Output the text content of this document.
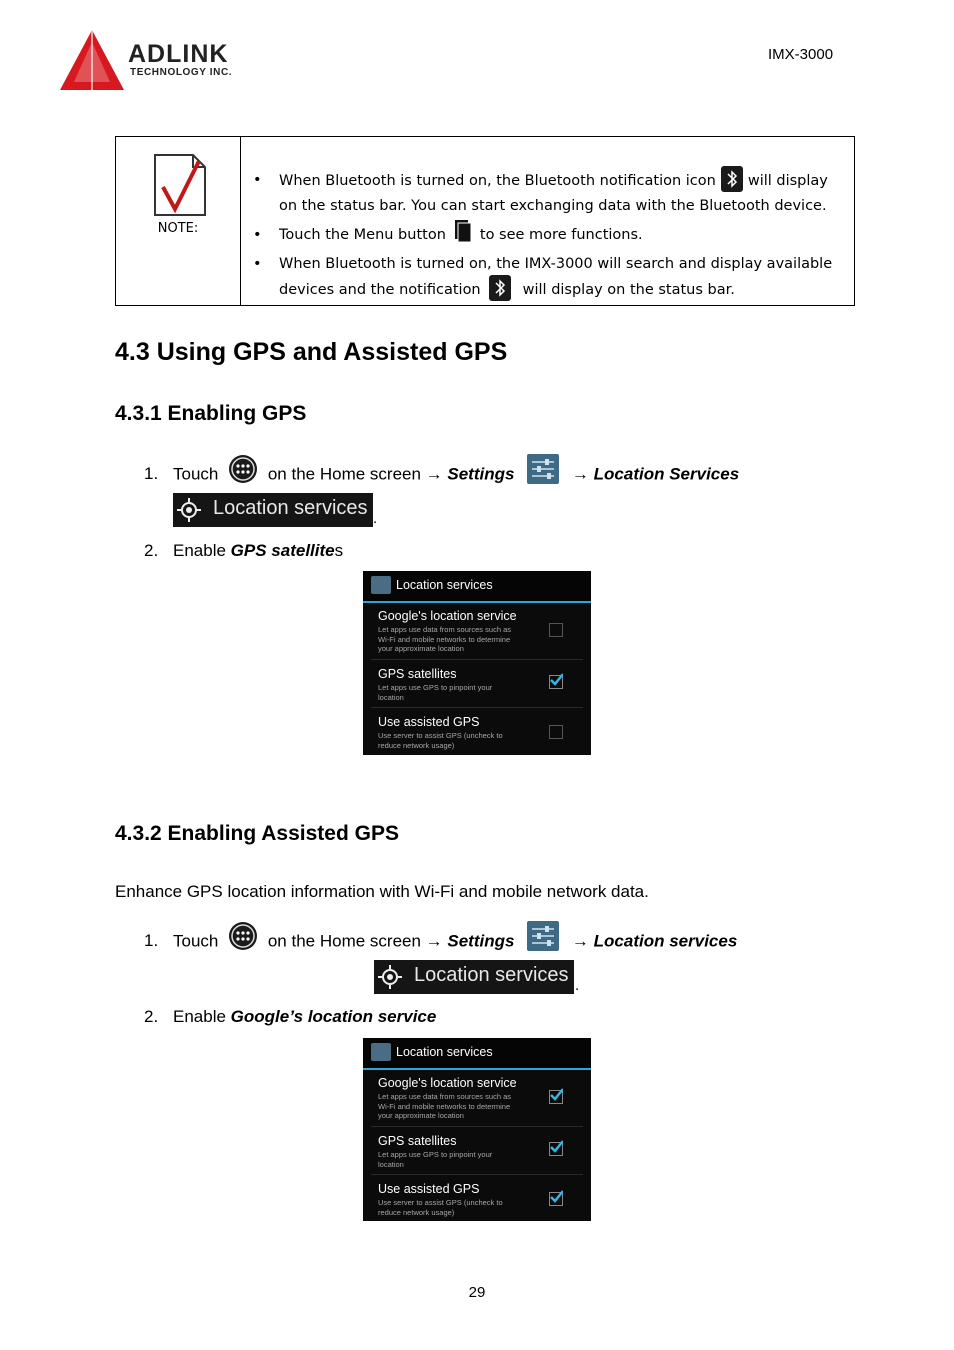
ADLINK
TECHNOLOGY INC.
IMX-3000
NOTE:
• When Bluetooth is turned on, the Bluetooth notification icon will display
on the status bar. You can start exchanging data with the Bluetooth device.
• Touch the Menu button to see more functions.
• When Bluetooth is turned on, the IMX-3000 will search and display available
devices and the notification	will display on the status bar.
4.3 Using GPS and Assisted GPS
4.3.1 Enabling GPS
1. Touch	on the Home screen → Settings	→ Location Services
Location services .
2. Enable GPS satellites
Location services
Google's location service
Let apps use data from sources such as
Wi-Fi and mobile networks to determine
your approximate location
GPS satellites
Let apps use GPS to pinpoint your
location
Use assisted GPS
Use server to assist GPS (uncheck to
reduce network usage)
4.3.2 Enabling Assisted GPS
Enhance GPS location information with Wi-Fi and mobile network data.
1. Touch	on the Home screen → Settings	→ Location services
Location services .
2. Enable Google’s location service
Location services
Google's location service
Let apps use data from sources such as
Wi-Fi and mobile networks to determine
your approximate location
GPS satellites
Let apps use GPS to pinpoint your
location
Use assisted GPS
Use server to assist GPS (uncheck to
reduce network usage)
29
